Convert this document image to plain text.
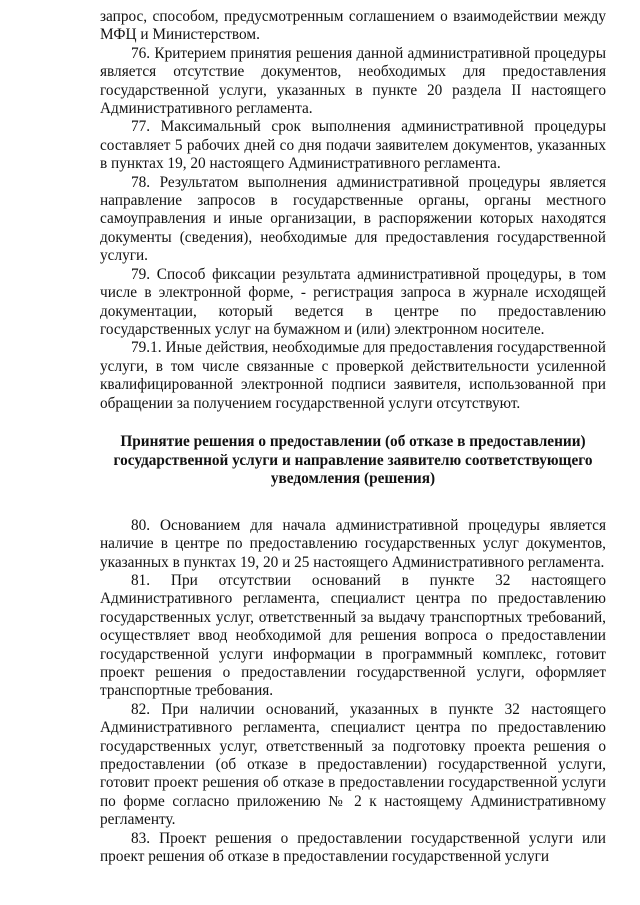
запрос, способом, предусмотренным соглашением о взаимодействии между МФЦ и Министерством.

76. Критерием принятия решения данной административной процедуры является отсутствие документов, необходимых для предоставления государственной услуги, указанных в пункте 20 раздела II настоящего Административного регламента.

77. Максимальный срок выполнения административной процедуры составляет 5 рабочих дней со дня подачи заявителем документов, указанных в пунктах 19, 20 настоящего Административного регламента.

78. Результатом выполнения административной процедуры является направление запросов в государственные органы, органы местного самоуправления и иные организации, в распоряжении которых находятся документы (сведения), необходимые для предоставления государственной услуги.

79. Способ фиксации результата административной процедуры, в том числе в электронной форме, - регистрация запроса в журнале исходящей документации, который ведется в центре по предоставлению государственных услуг на бумажном и (или) электронном носителе.

79.1. Иные действия, необходимые для предоставления государственной услуги, в том числе связанные с проверкой действительности усиленной квалифицированной электронной подписи заявителя, использованной при обращении за получением государственной услуги отсутствуют.

Принятие решения о предоставлении (об отказе в предоставлении)
государственной услуги и направление заявителю соответствующего
уведомления (решения)

80. Основанием для начала административной процедуры является наличие в центре по предоставлению государственных услуг документов, указанных в пунктах 19, 20 и 25 настоящего Административного регламента.

81. При отсутствии оснований в пункте 32 настоящего Административного регламента, специалист центра по предоставлению государственных услуг, ответственный за выдачу транспортных требований, осуществляет ввод необходимой для решения вопроса о предоставлении государственной услуги информации в программный комплекс, готовит проект решения о предоставлении государственной услуги, оформляет транспортные требования.

82. При наличии оснований, указанных в пункте 32 настоящего Административного регламента, специалист центра по предоставлению государственных услуг, ответственный за подготовку проекта решения о предоставлении (об отказе в предоставлении) государственной услуги, готовит проект решения об отказе в предоставлении государственной услуги по форме согласно приложению № 2 к настоящему Административному регламенту.

83. Проект решения о предоставлении государственной услуги или проект решения об отказе в предоставлении государственной услуги
